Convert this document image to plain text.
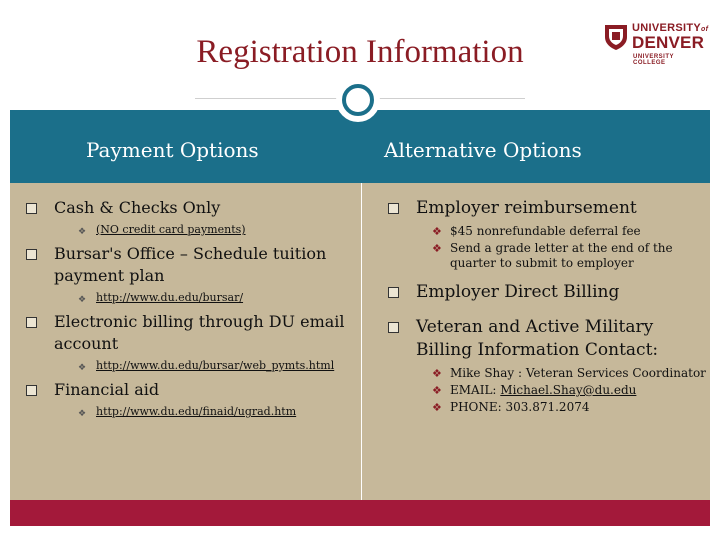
Registration Information
UNIVERSITYof
DENVER
UNIVERSITY COLLEGE
Payment Options	Alternative Options
Cash & Checks Only
❖ (NO credit card payments)
Bursar's Office – Schedule tuition payment plan
❖ http://www.du.edu/bursar/
Electronic billing through DU email account
❖ http://www.du.edu/bursar/web_pymts.html
Financial aid
❖ http://www.du.edu/finaid/ugrad.htm
Employer reimbursement
❖ $45 nonrefundable deferral fee
❖ Send a grade letter at the end of the quarter to submit to employer
Employer Direct Billing
Veteran and Active Military Billing Information Contact:
❖ Mike Shay : Veteran Services Coordinator
❖ EMAIL: Michael.Shay@du.edu
❖ PHONE: 303.871.2074
